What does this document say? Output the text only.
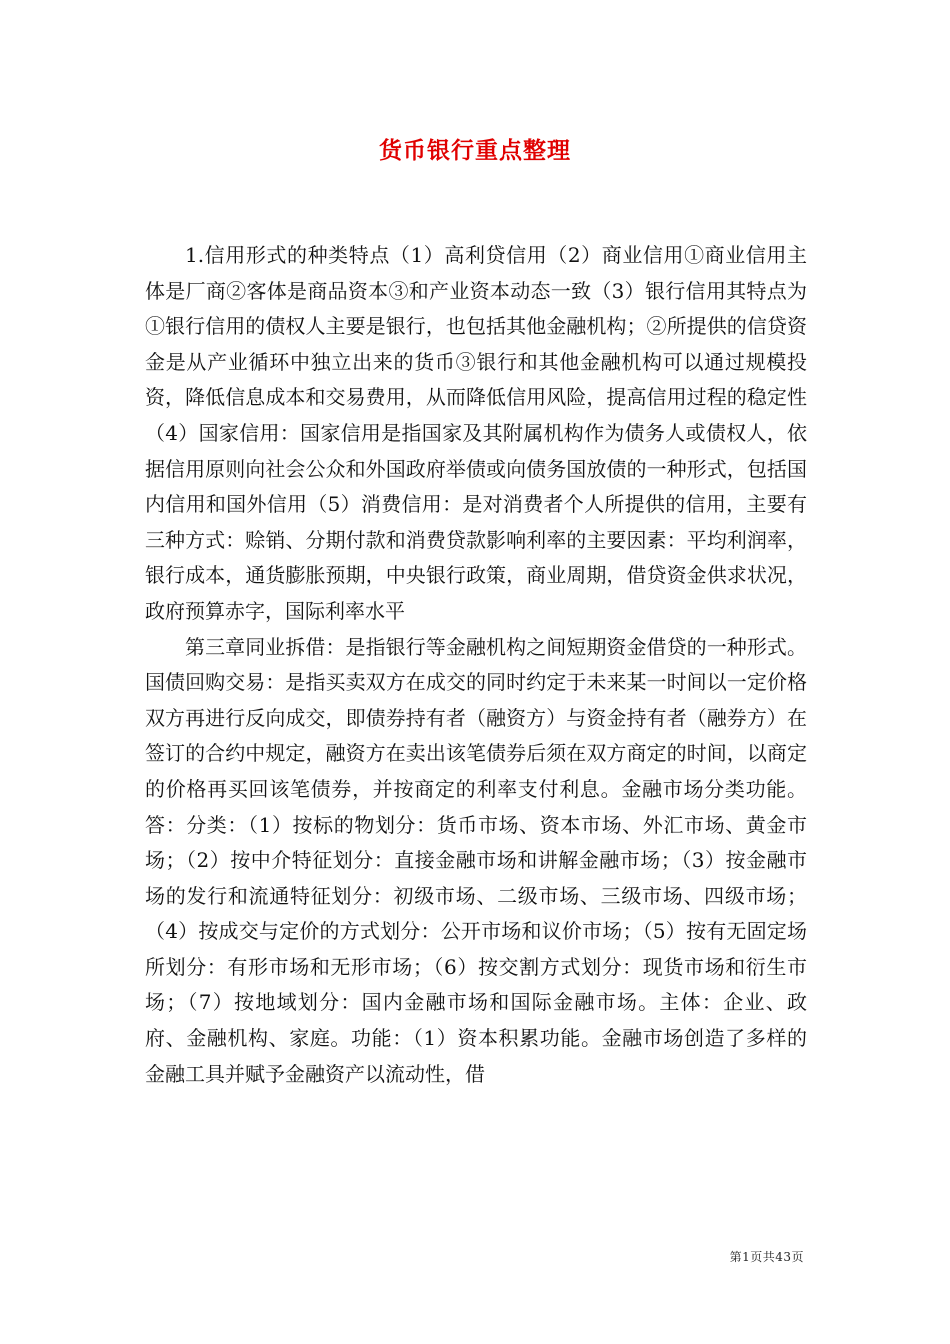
货币银行重点整理

1.信用形式的种类特点（1）高利贷信用（2）商业信用①商业信用主体是厂商②客体是商品资本③和产业资本动态一致（3）银行信用其特点为①银行信用的债权人主要是银行，也包括其他金融机构；②所提供的信贷资金是从产业循环中独立出来的货币③银行和其他金融机构可以通过规模投资，降低信息成本和交易费用，从而降低信用风险，提高信用过程的稳定性（4）国家信用：国家信用是指国家及其附属机构作为债务人或债权人，依据信用原则向社会公众和外国政府举债或向债务国放债的一种形式，包括国内信用和国外信用（5）消费信用：是对消费者个人所提供的信用，主要有三种方式：赊销、分期付款和消费贷款影响利率的主要因素：平均利润率，银行成本，通货膨胀预期，中央银行政策，商业周期，借贷资金供求状况，政府预算赤字，国际利率水平

第三章同业拆借：是指银行等金融机构之间短期资金借贷的一种形式。国债回购交易：是指买卖双方在成交的同时约定于未来某一时间以一定价格双方再进行反向成交，即债券持有者（融资方）与资金持有者（融券方）在签订的合约中规定，融资方在卖出该笔债券后须在双方商定的时间，以商定的价格再买回该笔债券，并按商定的利率支付利息。金融市场分类功能。答：分类：（1）按标的物划分：货币市场、资本市场、外汇市场、黄金市场；（2）按中介特征划分：直接金融市场和讲解金融市场；（3）按金融市场的发行和流通特征划分：初级市场、二级市场、三级市场、四级市场；（4）按成交与定价的方式划分：公开市场和议价市场；（5）按有无固定场所划分：有形市场和无形市场；（6）按交割方式划分：现货市场和衍生市场；（7）按地域划分：国内金融市场和国际金融市场。主体：企业、政府、金融机构、家庭。功能：（1）资本积累功能。金融市场创造了多样的金融工具并赋予金融资产以流动性，借

第1页共43页
